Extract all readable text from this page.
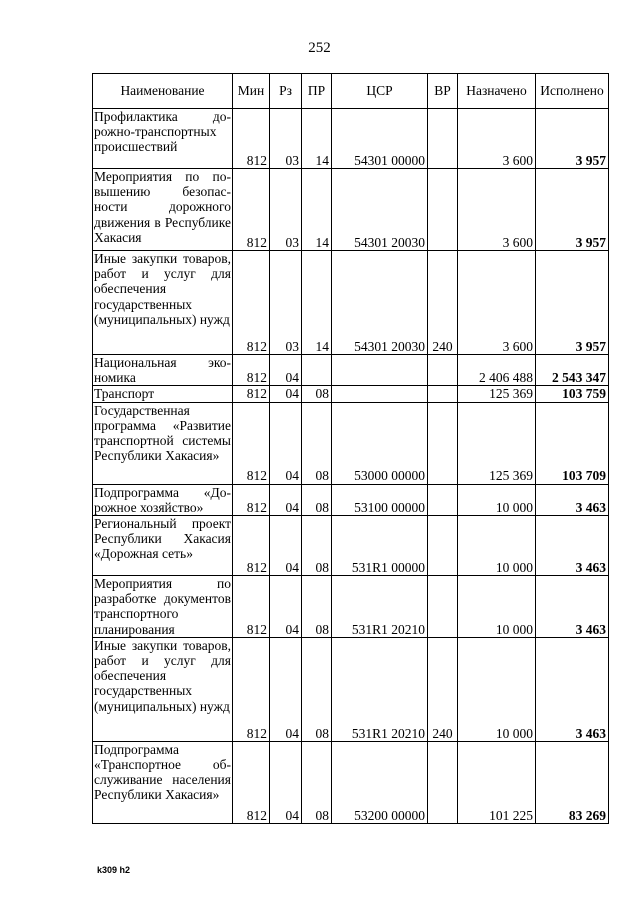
252
Наименование	Мин	Рз	ПР	ЦСР	ВР	Назначено	Исполнено
Профилактика дорожно-транспортных происшествий	812	03	14	54301 00000		3 600	3 957
Мероприятия по повышению безопасности дорожного движения в Республике Хакасия	812	03	14	54301 20030		3 600	3 957
Иные закупки товаров, работ и услуг для обеспечения государственных (муниципальных) нужд	812	03	14	54301 20030	240	3 600	3 957
Национальная экономика	812	04				2 406 488	2 543 347
Транспорт	812	04	08			125 369	103 759
Государственная программа «Развитие транспортной системы Республики Хакасия»	812	04	08	53000 00000		125 369	103 709
Подпрограмма «Дорожное хозяйство»	812	04	08	53100 00000		10 000	3 463
Региональный проект Республики Хакасия «Дорожная сеть»	812	04	08	531R1 00000		10 000	3 463
Мероприятия по разработке документов транспортного планирования	812	04	08	531R1 20210		10 000	3 463
Иные закупки товаров, работ и услуг для обеспечения государственных (муниципальных) нужд	812	04	08	531R1 20210	240	10 000	3 463
Подпрограмма «Транспортное обслуживание населения Республики Хакасия»	812	04	08	53200 00000		101 225	83 269
k309 h2
